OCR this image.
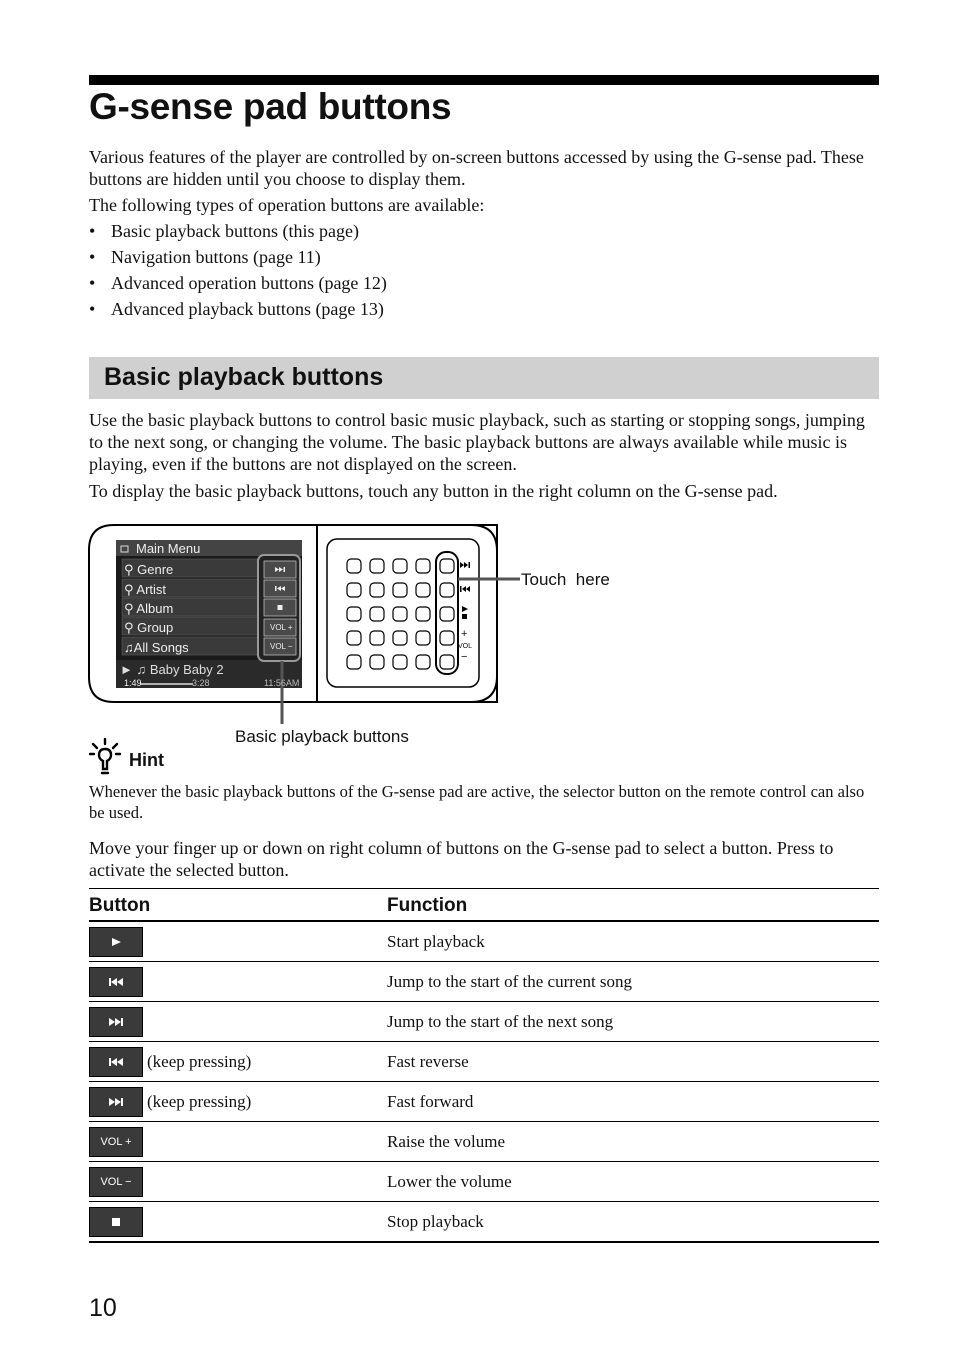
G-sense pad buttons

Various features of the player are controlled by on-screen buttons accessed by using the G-sense pad. These buttons are hidden until you choose to display them.

The following types of operation buttons are available:

• Basic playback buttons (this page)
• Navigation buttons (page 11)
• Advanced operation buttons (page 12)
• Advanced playback buttons (page 13)
Basic playback buttons

Use the basic playback buttons to control basic music playback, such as starting or stopping songs, jumping to the next song, or changing the volume. The basic playback buttons are always available while music is playing, even if the buttons are not displayed on the screen.

To display the basic playback buttons, touch any button in the right column on the G-sense pad.

Main Menu
⚲ Genre
⚲ Artist
⚲ Album
⚲ Group
♫All Songs
► ♫ Baby Baby 2
1:49	3:28	11:56AM
VOL +
VOL −
+
VOL
−
Touch  here
Basic playback buttons
Hint

Whenever the basic playback buttons of the G-sense pad are active, the selector button on the remote control can also be used.

Move your finger up or down on right column of buttons on the G-sense pad to select a button. Press to activate the selected button.

Button	Function

	Start playback

	Jump to the start of the current song

	Jump to the start of the next song

(keep pressing)	Fast reverse

(keep pressing)	Fast forward

VOL +	Raise the volume

VOL −	Lower the volume

	Stop playback
10
